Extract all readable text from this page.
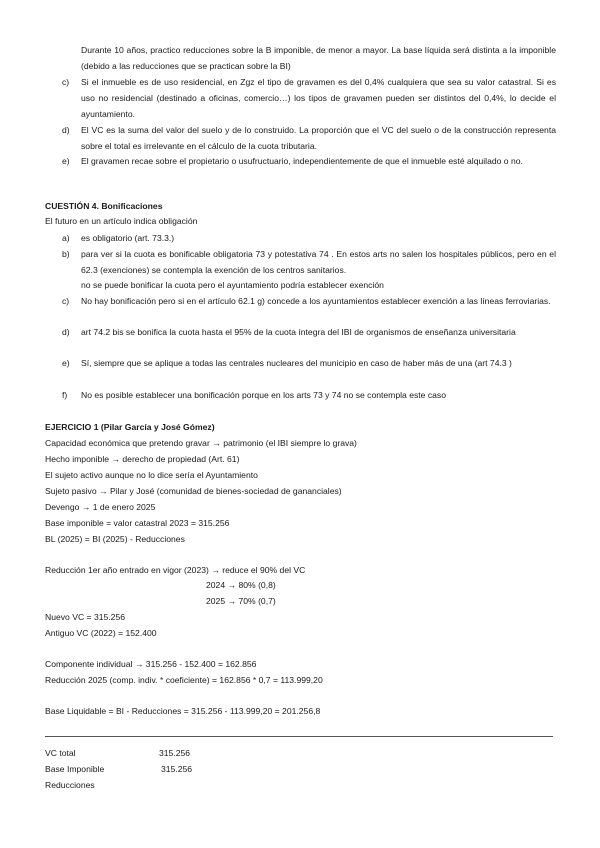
Durante 10 años, practico reducciones sobre la B imponible, de menor a mayor. La base líquida será distinta a la imponible (debido a las reducciones que se practican sobre la BI)
c) Si el inmueble es de uso residencial, en Zgz el tipo de gravamen es del 0,4% cualquiera que sea su valor catastral. Si es uso no residencial (destinado a oficinas, comercio…) los tipos de gravamen pueden ser distintos del 0,4%, lo decide el ayuntamiento.
d) El VC es la suma del valor del suelo y de lo construido. La proporción que el VC del suelo o de la construcción representa sobre el total es irrelevante en el cálculo de la cuota tributaria.
e) El gravamen recae sobre el propietario o usufructuario, independientemente de que el inmueble esté alquilado o no.
CUESTIÓN 4. Bonificaciones
El futuro en un artículo indica obligación
a) es obligatorio (art. 73.3.)
b) para ver si la cuota es bonificable obligatoria 73 y potestativa 74 . En estos arts no salen los hospitales públicos, pero en el 62.3 (exenciones) se contempla la exención de los centros sanitarios.
no se puede bonificar la cuota pero el ayuntamiento podría establecer exención
c) No hay bonificación pero si en el artículo 62.1 g) concede a los ayuntamientos establecer exención a las líneas ferroviarias.
d) art 74.2 bis se bonifica la cuota hasta el 95% de la cuota íntegra del IBI de organismos de enseñanza universitaria
e) Sí, siempre que se aplique a todas las centrales nucleares del municipio en caso de haber más de una (art 74.3 )
f) No es posible establecer una bonificación porque en los arts 73 y 74 no se contempla este caso
EJERCICIO 1 (Pilar García y José Gómez)
Capacidad económica que pretendo gravar → patrimonio (el IBI siempre lo grava)
Hecho imponible → derecho de propiedad (Art. 61)
El sujeto activo aunque no lo dice sería el Ayuntamiento
Sujeto pasivo → Pilar y José (comunidad de bienes-sociedad de gananciales)
Devengo → 1 de enero 2025
Base imponible = valor catastral 2023 = 315.256
BL (2025) = BI (2025) - Reducciones
Reducción 1er año entrado en vigor (2023) → reduce el 90% del VC
2024 → 80% (0,8)
2025 → 70% (0,7)
Nuevo VC = 315.256
Antiguo VC (2022) = 152.400
Componente individual → 315.256 - 152.400 = 162.856
Reducción 2025 (comp. indiv. * coeficiente) = 162.856 * 0,7 = 113.999,20
Base Liquidable = BI - Reducciones = 315.256 - 113.999,20 = 201.256,8
VC total	315.256
Base Imponible	315.256
Reducciones
